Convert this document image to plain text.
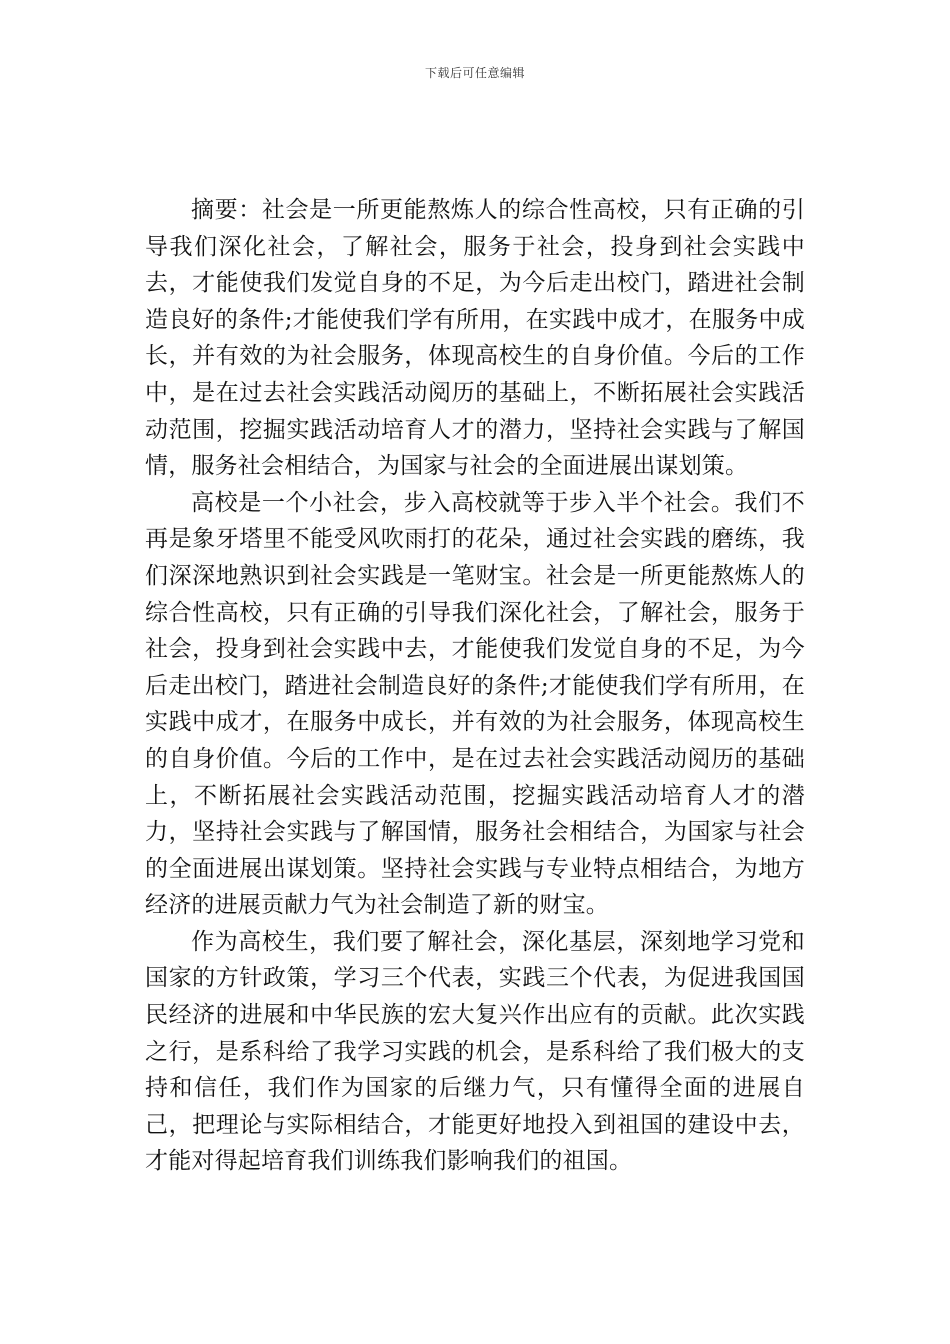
下载后可任意编辑

摘要：社会是一所更能熬炼人的综合性高校，只有正确的引导我们深化社会，了解社会，服务于社会，投身到社会实践中去，才能使我们发觉自身的不足，为今后走出校门，踏进社会制造良好的条件;才能使我们学有所用，在实践中成才，在服务中成长，并有效的为社会服务，体现高校生的自身价值。今后的工作中，是在过去社会实践活动阅历的基础上，不断拓展社会实践活动范围，挖掘实践活动培育人才的潜力，坚持社会实践与了解国情，服务社会相结合，为国家与社会的全面进展出谋划策。

高校是一个小社会，步入高校就等于步入半个社会。我们不再是象牙塔里不能受风吹雨打的花朵，通过社会实践的磨练，我们深深地熟识到社会实践是一笔财宝。社会是一所更能熬炼人的综合性高校，只有正确的引导我们深化社会，了解社会，服务于社会，投身到社会实践中去，才能使我们发觉自身的不足，为今后走出校门，踏进社会制造良好的条件;才能使我们学有所用，在实践中成才，在服务中成长，并有效的为社会服务，体现高校生的自身价值。今后的工作中，是在过去社会实践活动阅历的基础上，不断拓展社会实践活动范围，挖掘实践活动培育人才的潜力，坚持社会实践与了解国情，服务社会相结合，为国家与社会的全面进展出谋划策。坚持社会实践与专业特点相结合，为地方经济的进展贡献力气为社会制造了新的财宝。

作为高校生，我们要了解社会，深化基层，深刻地学习党和国家的方针政策，学习三个代表，实践三个代表，为促进我国国民经济的进展和中华民族的宏大复兴作出应有的贡献。此次实践之行，是系科给了我学习实践的机会，是系科给了我们极大的支持和信任，我们作为国家的后继力气，只有懂得全面的进展自己，把理论与实际相结合，才能更好地投入到祖国的建设中去，才能对得起培育我们训练我们影响我们的祖国。
